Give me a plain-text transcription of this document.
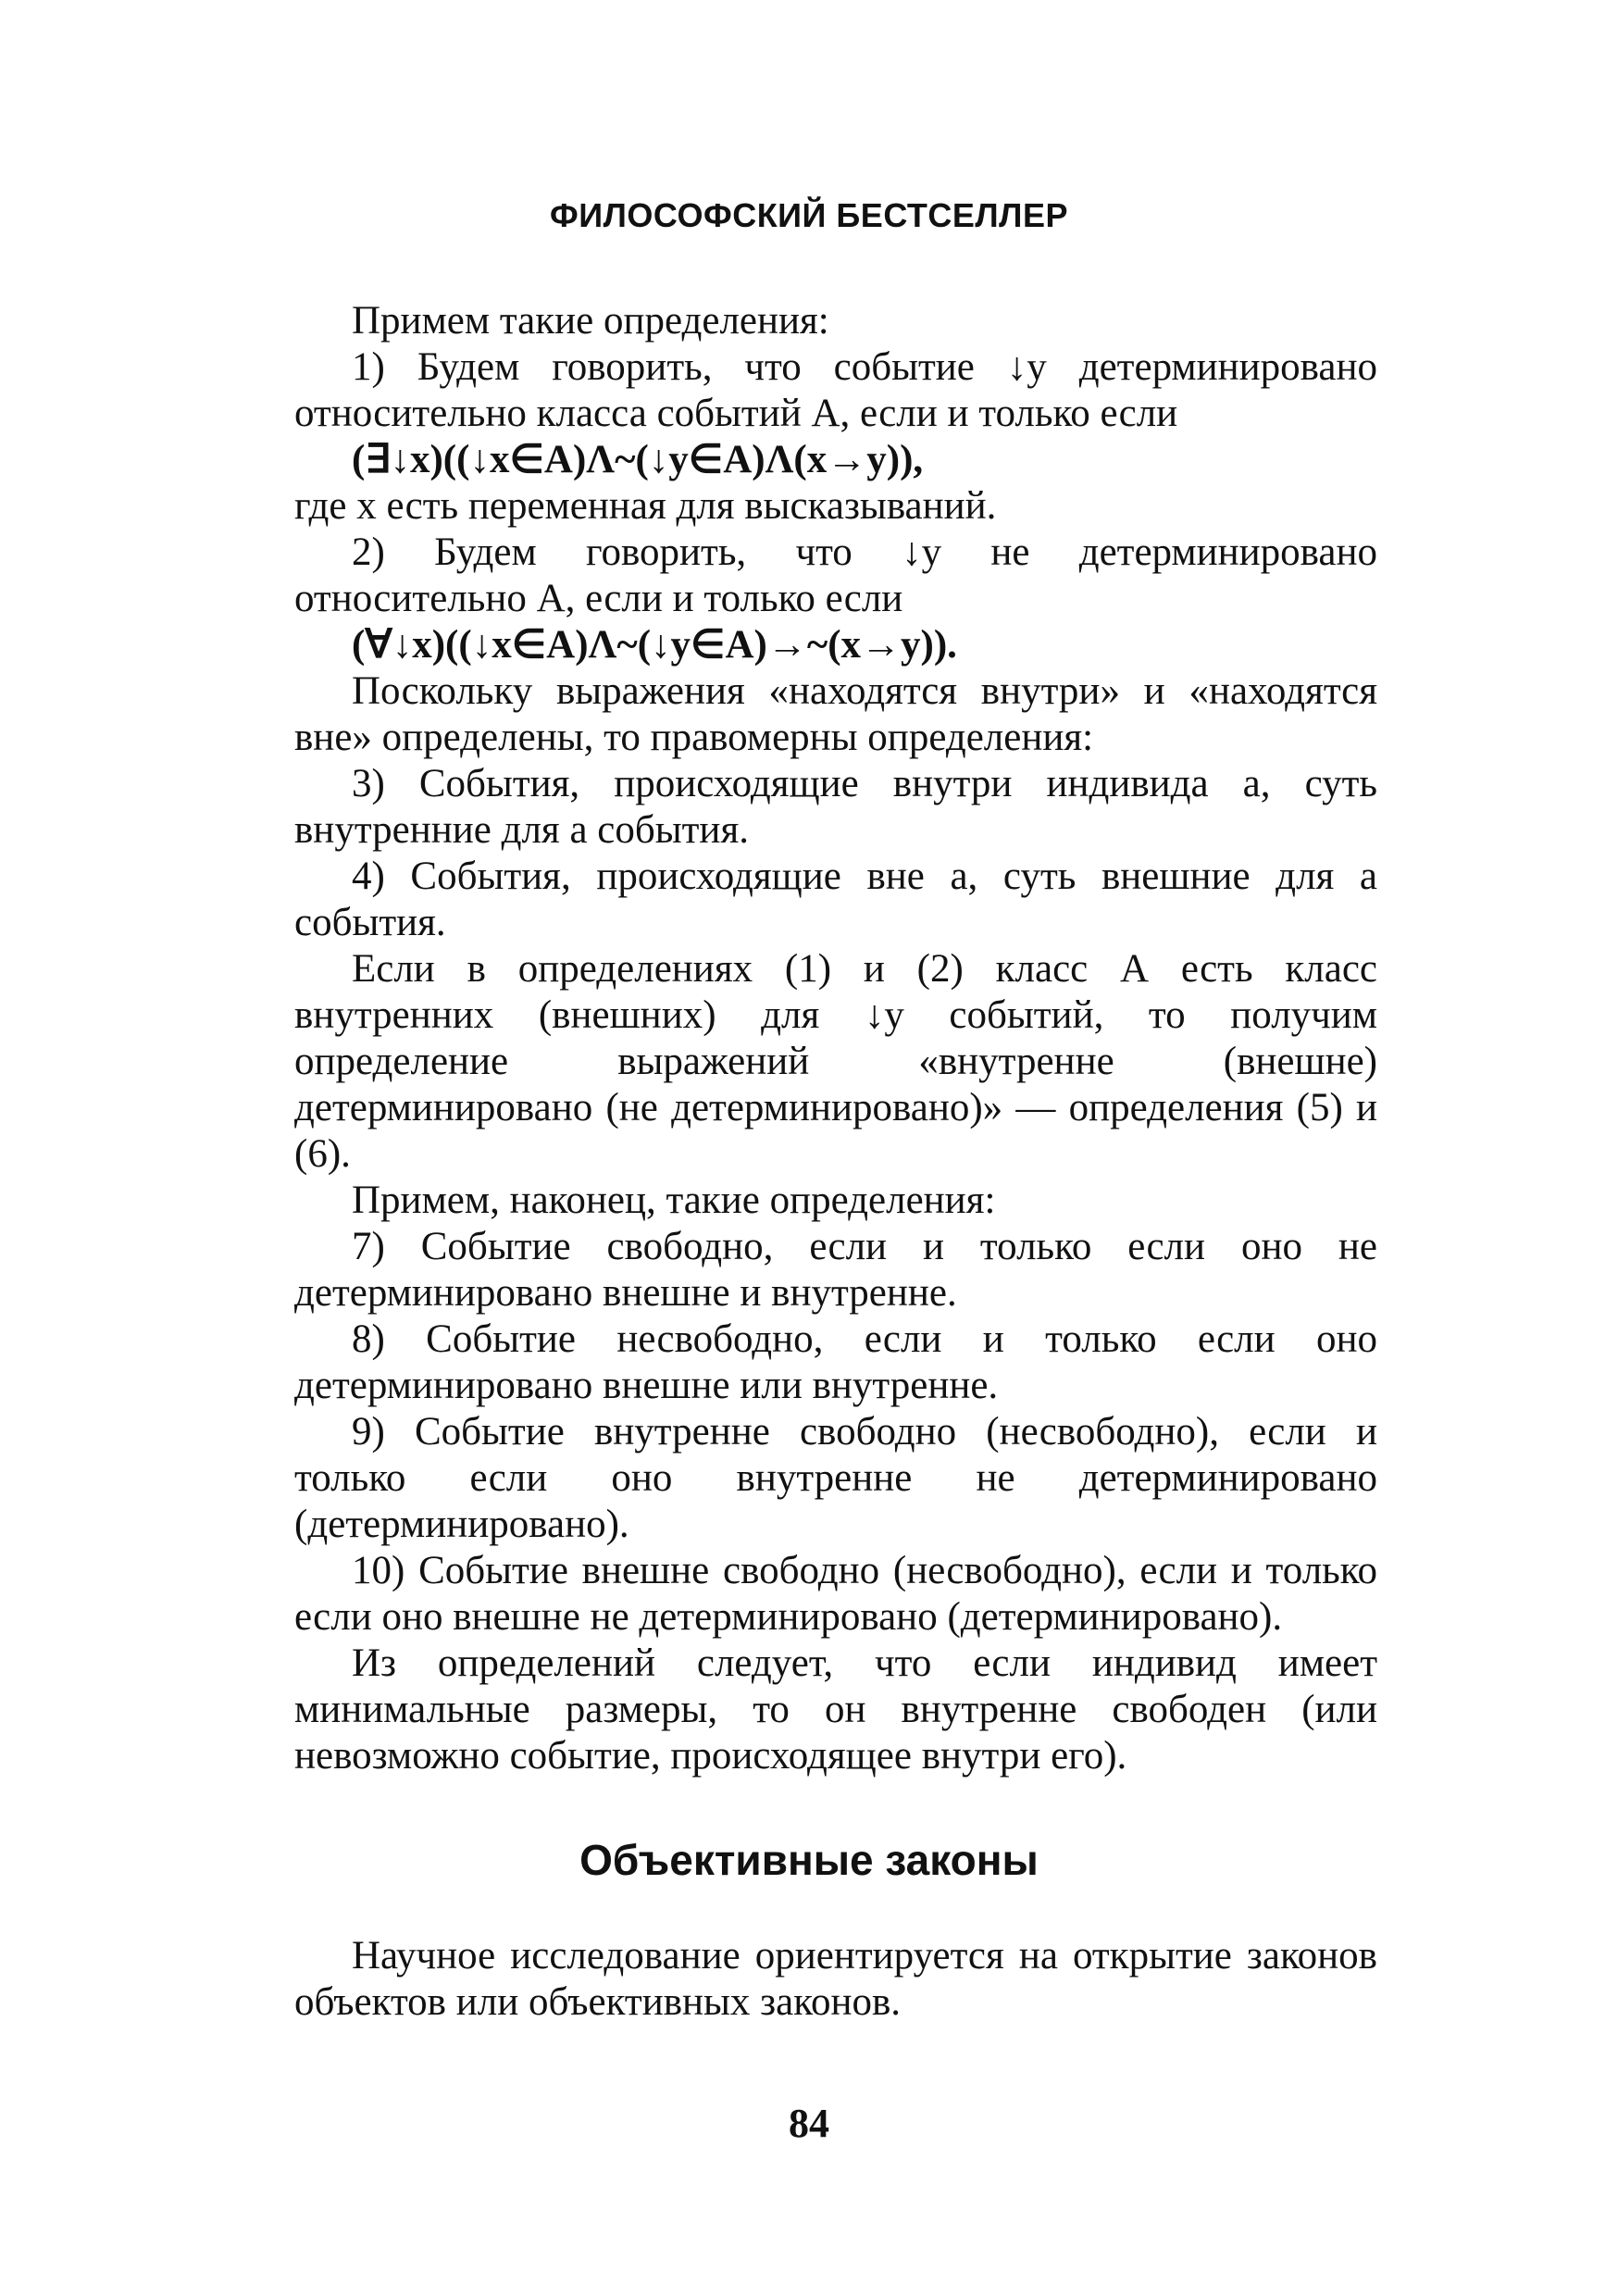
ФИЛОСОФСКИЙ БЕСТСЕЛЛЕР

Примем такие определения:

1) Будем говорить, что событие ↓y детерминировано относительно класса событий А, если и только если

(∃↓x)((↓x∈A)Λ~(↓y∈A)Λ(x→y)),

где x есть переменная для высказываний.

2) Будем говорить, что ↓y не детерминировано относительно А, если и только если

(∀↓x)((↓x∈A)Λ~(↓y∈A)→~(x→y)).

Поскольку выражения «находятся внутри» и «находятся вне» определены, то правомерны определения:

3) События, происходящие внутри индивида а, суть внутренние для а события.

4) События, происходящие вне а, суть внешние для а события.

Если в определениях (1) и (2) класс А есть класс внутренних (внешних) для ↓y событий, то получим определение выражений «внутренне (внешне) детерминировано (не детерминировано)» — определения (5) и (6).

Примем, наконец, такие определения:

7) Событие свободно, если и только если оно не детерминировано внешне и внутренне.

8) Событие несвободно, если и только если оно детерминировано внешне или внутренне.

9) Событие внутренне свободно (несвободно), если и только если оно внутренне не детерминировано (детерминировано).

10) Событие внешне свободно (несвободно), если и только если оно внешне не детерминировано (детерминировано).

Из определений следует, что если индивид имеет минимальные размеры, то он внутренне свободен (или невозможно событие, происходящее внутри его).

Объективные законы

Научное исследование ориентируется на открытие законов объектов или объективных законов.

84
